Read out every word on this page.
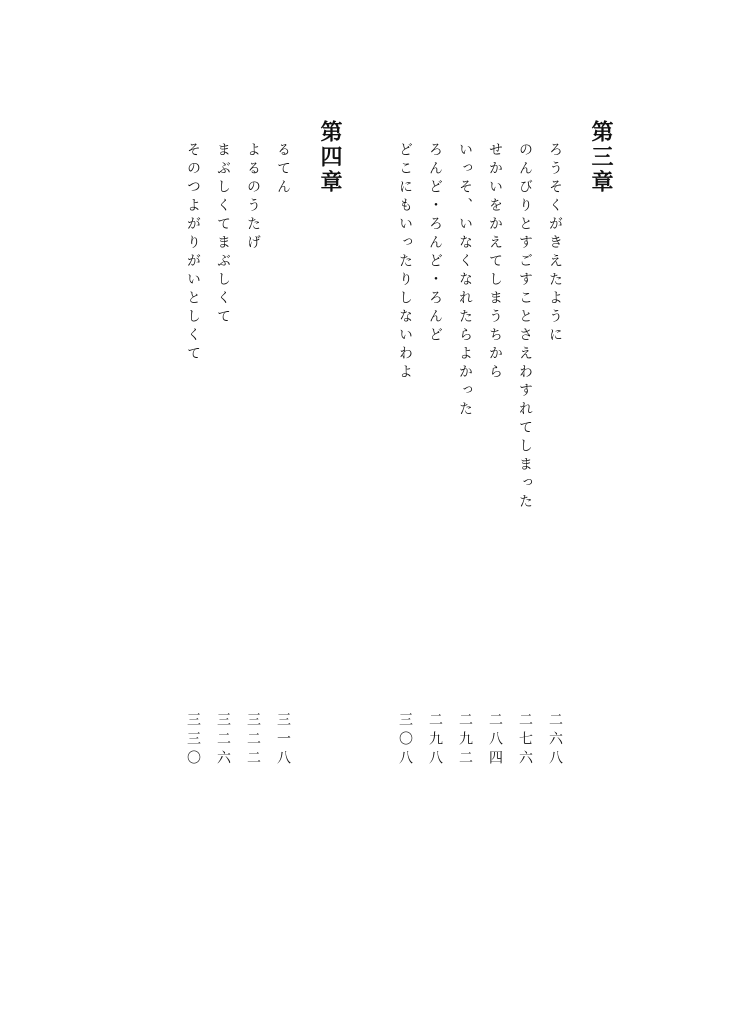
第三章
ろうそくがきえたように
のんびりとすごすことさえわすれてしまった
せかいをかえてしまうちから
いっそ、いなくなれたらよかった
ろんど・ろんど・ろんど
どこにもいったりしないわよ
二六八
二七六
二八四
二九二
二九八
三〇八
第四章
るてん
よるのうたげ
まぶしくてまぶしくて
そのつよがりがいとしくて
三一八
三二二
三二六
三三〇
